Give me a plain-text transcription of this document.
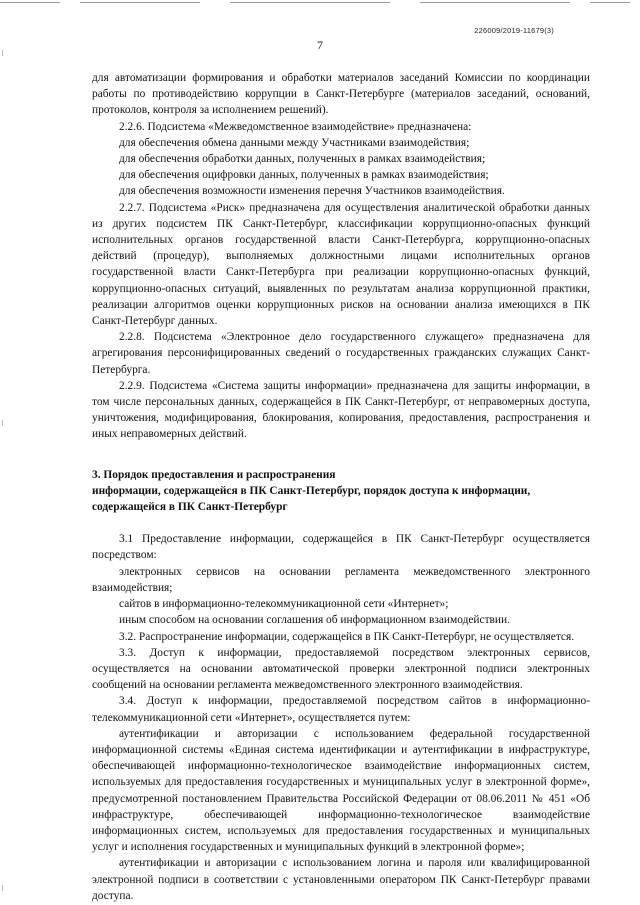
226009/2019-11679(3)
7

для автоматизации формирования и обработки материалов заседаний Комиссии по координации работы по противодействию коррупции в Санкт-Петербурге (материалов заседаний, оснований, протоколов, контроля за исполнением решений).

2.2.6. Подсистема «Межведомственное взаимодействие» предназначена:

для обеспечения обмена данными между Участниками взаимодействия;

для обеспечения обработки данных, полученных в рамках взаимодействия;

для обеспечения оцифровки данных, полученных в рамках взаимодействия;

для обеспечения возможности изменения перечня Участников взаимодействия.

2.2.7. Подсистема «Риск» предназначена для осуществления аналитической обработки данных из других подсистем ПК Санкт-Петербург, классификации коррупционно-опасных функций исполнительных органов государственной власти Санкт-Петербурга, коррупционно-опасных действий (процедур), выполняемых должностными лицами исполнительных органов государственной власти Санкт-Петербурга при реализации коррупционно-опасных функций, коррупционно-опасных ситуаций, выявленных по результатам анализа коррупционной практики, реализации алгоритмов оценки коррупционных рисков на основании анализа имеющихся в ПК Санкт-Петербург данных.

2.2.8. Подсистема «Электронное дело государственного служащего» предназначена для агрегирования персонифицированных сведений о государственных гражданских служащих Санкт-Петербурга.

2.2.9. Подсистема «Система защиты информации» предназначена для защиты информации, в том числе персональных данных, содержащейся в ПК Санкт-Петербург, от неправомерных доступа, уничтожения, модифицирования, блокирования, копирования, предоставления, распространения и иных неправомерных действий.

3. Порядок предоставления и распространения

информации, содержащейся в ПК Санкт-Петербург, порядок доступа к информации,

содержащейся в ПК Санкт-Петербург

3.1 Предоставление информации, содержащейся в ПК Санкт-Петербург осуществляется посредством:

электронных сервисов на основании регламента межведомственного электронного взаимодействия;

сайтов в информационно-телекоммуникационной сети «Интернет»;

иным способом на основании соглашения об информационном взаимодействии.

3.2. Распространение информации, содержащейся в ПК Санкт-Петербург, не осуществляется.

3.3. Доступ к информации, предоставляемой посредством электронных сервисов, осуществляется на основании автоматической проверки электронной подписи электронных сообщений на основании регламента межведомственного электронного взаимодействия.

3.4. Доступ к информации, предоставляемой посредством сайтов в информационно-телекоммуникационной сети «Интернет», осуществляется путем:

аутентификации и авторизации с использованием федеральной государственной информационной системы «Единая система идентификации и аутентификации в инфраструктуре, обеспечивающей информационно-технологическое взаимодействие информационных систем, используемых для предоставления государственных и муниципальных услуг в электронной форме», предусмотренной постановлением Правительства Российской Федерации от 08.06.2011 № 451 «Об инфраструктуре, обеспечивающей информационно-технологическое взаимодействие информационных систем, используемых для предоставления государственных и муниципальных услуг и исполнения государственных и муниципальных функций в электронной форме»;

аутентификации и авторизации с использованием логина и пароля или квалифицированной электронной подписи в соответствии с установленными оператором ПК Санкт-Петербург правами доступа.
